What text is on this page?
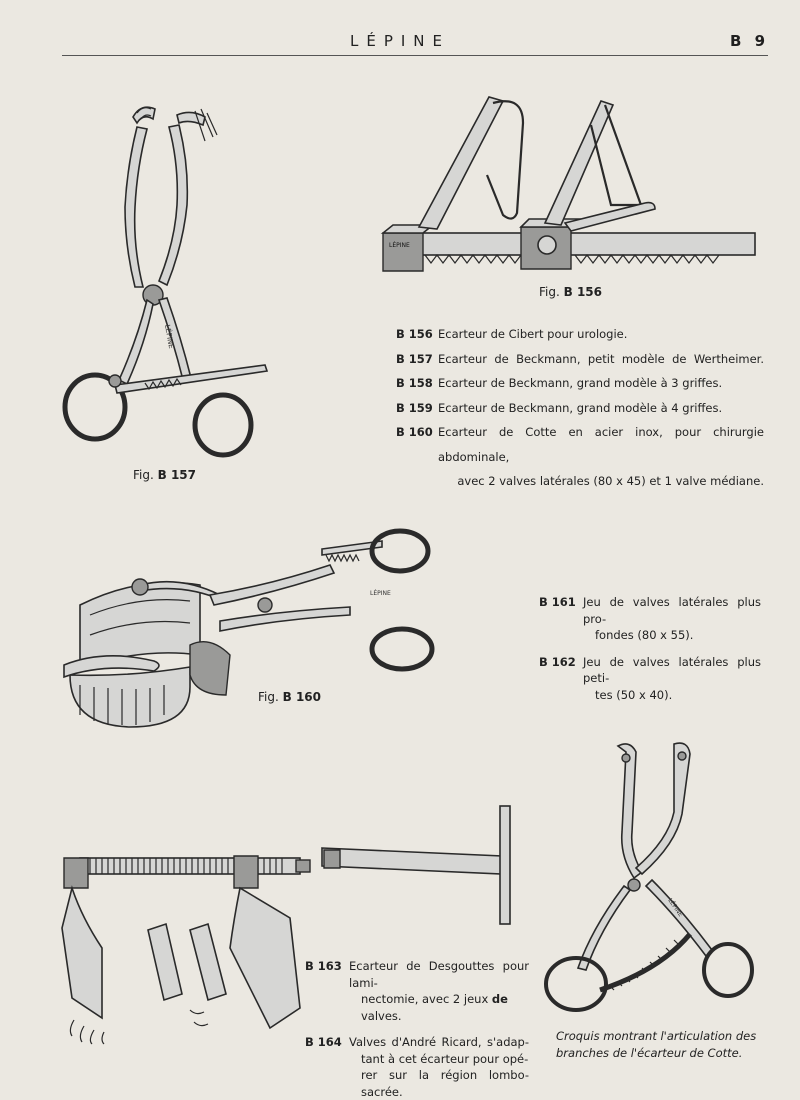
LÉPINE	B 9
LÉPINE
LÉPINE
Fig. B 156
Fig. B 157
B 156 Ecarteur de Cibert pour urologie.
B 157 Ecarteur de Beckmann, petit modèle de Wertheimer.
B 158 Ecarteur de Beckmann, grand modèle à 3 griffes.
B 159 Ecarteur de Beckmann, grand modèle à 4 griffes.
B 160 Ecarteur de Cotte en acier inox, pour chirurgie abdominale,
avec 2 valves latérales (80 x 45) et 1 valve médiane.
LÉPINE
Fig. B 160
B 161 Jeu de valves latérales plus pro-
fondes (80 x 55).
B 162 Jeu de valves latérales plus peti-
tes (50 x 40).
B 163 Ecarteur de Desgouttes pour lami-
nectomie, avec 2 jeux de
valves.
B 164 Valves d'André Ricard, s'adap-
tant à cet écarteur pour opé-
rer sur la région lombo-sacrée.
LÉPINE
Croquis montrant l'articulation des
branches de l'écarteur de Cotte.
